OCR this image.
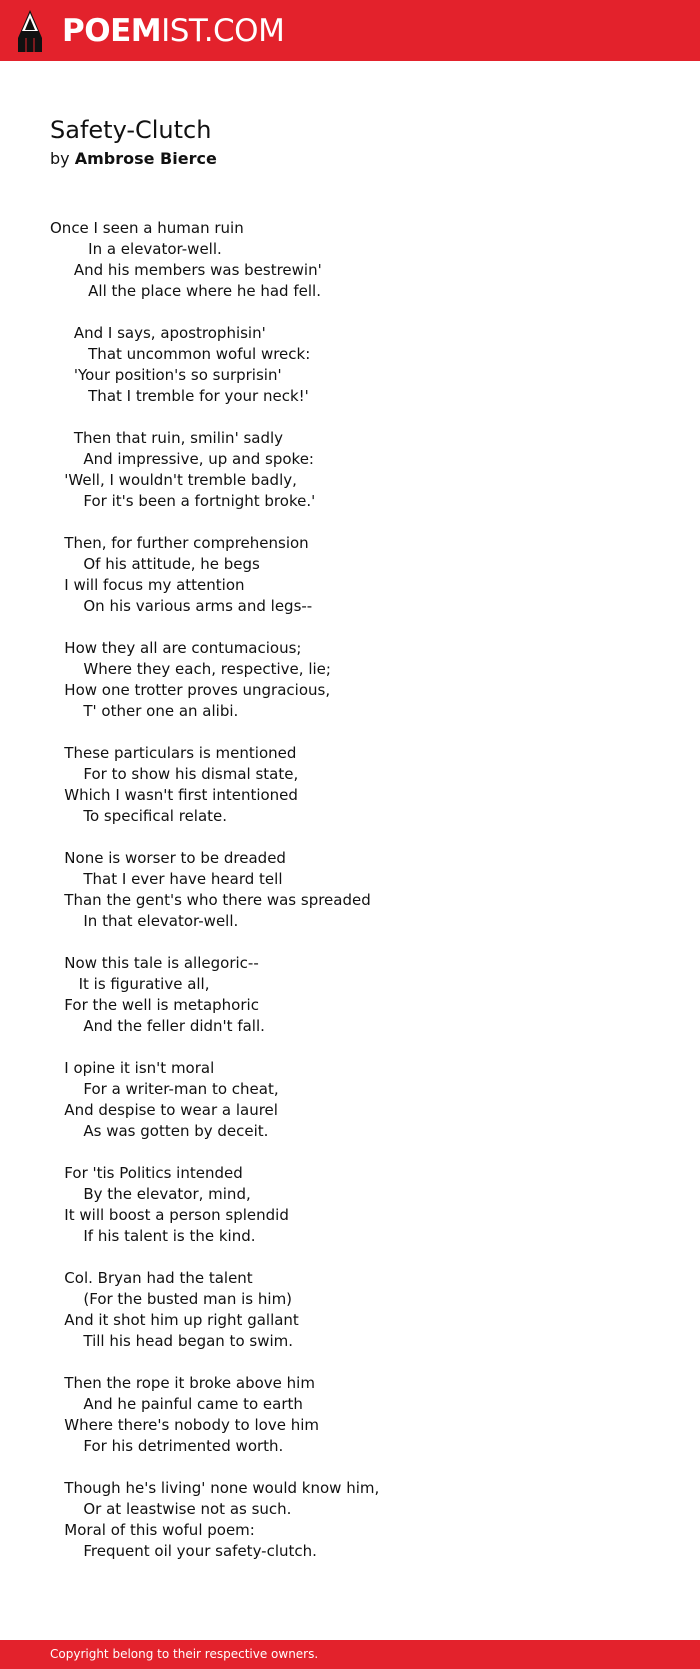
POEMIST.COM
Safety-Clutch
by Ambrose Bierce
Once I seen a human ruin
In a elevator-well.
And his members was bestrewin'
All the place where he had fell.
And I says, apostrophisin'
That uncommon woful wreck:
'Your position's so surprisin'
That I tremble for your neck!'
Then that ruin, smilin' sadly
And impressive, up and spoke:
'Well, I wouldn't tremble badly,
For it's been a fortnight broke.'
Then, for further comprehension
Of his attitude, he begs
I will focus my attention
On his various arms and legs--
How they all are contumacious;
Where they each, respective, lie;
How one trotter proves ungracious,
T' other one an alibi.
These particulars is mentioned
For to show his dismal state,
Which I wasn't first intentioned
To specifical relate.
None is worser to be dreaded
That I ever have heard tell
Than the gent's who there was spreaded
In that elevator-well.
Now this tale is allegoric--
It is figurative all,
For the well is metaphoric
And the feller didn't fall.
I opine it isn't moral
For a writer-man to cheat,
And despise to wear a laurel
As was gotten by deceit.
For 'tis Politics intended
By the elevator, mind,
It will boost a person splendid
If his talent is the kind.
Col. Bryan had the talent
(For the busted man is him)
And it shot him up right gallant
Till his head began to swim.
Then the rope it broke above him
And he painful came to earth
Where there's nobody to love him
For his detrimented worth.
Though he's living' none would know him,
Or at leastwise not as such.
Moral of this woful poem:
Frequent oil your safety-clutch.
Copyright belong to their respective owners.
